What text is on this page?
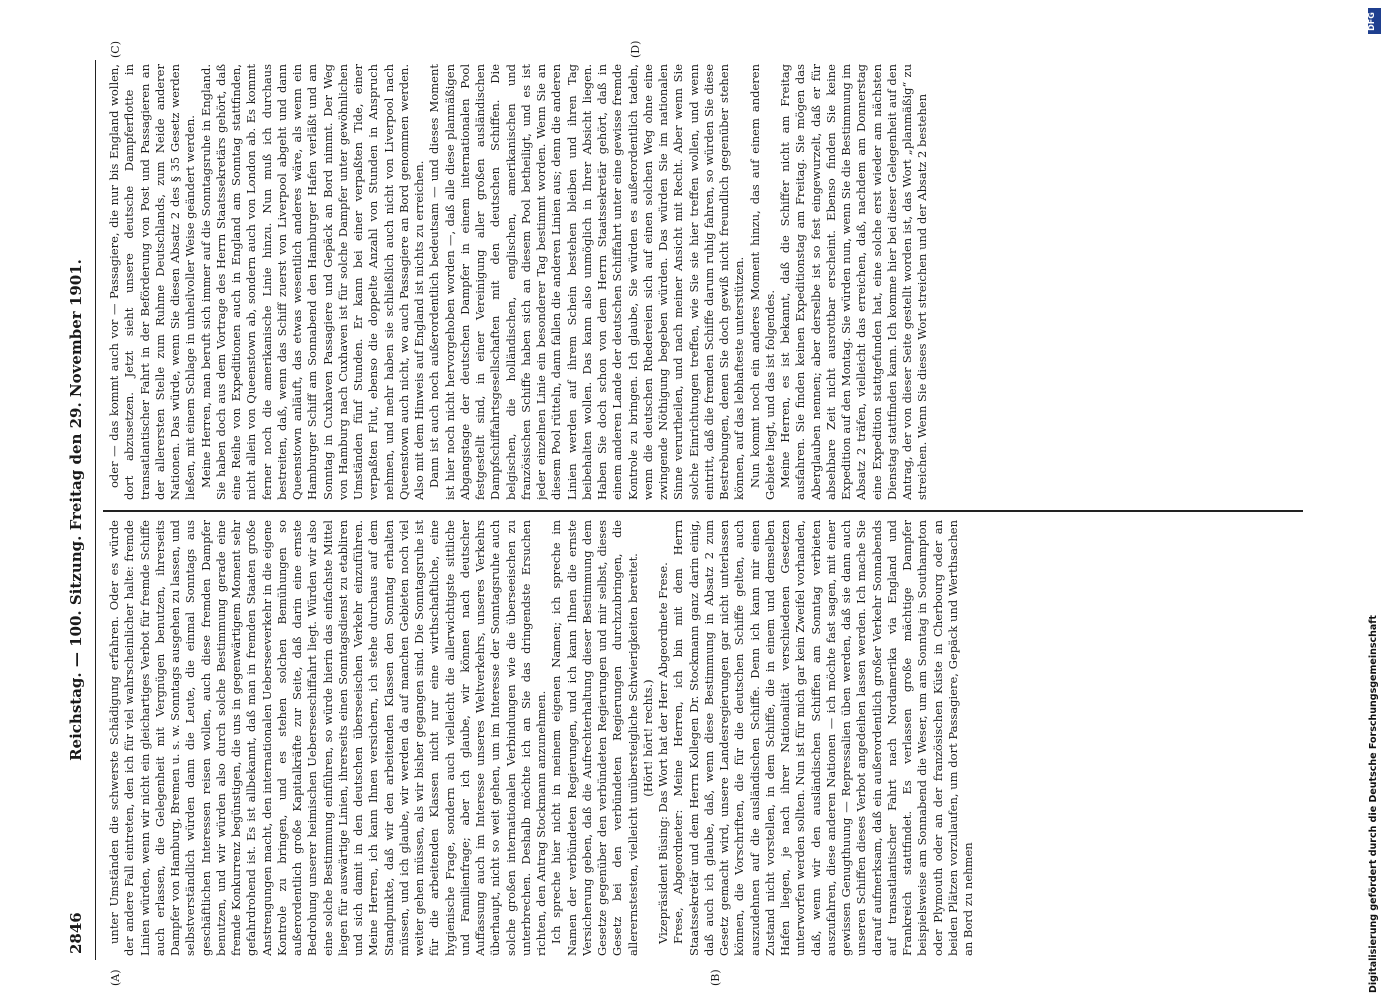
2846
Reichstag. — 100. Sitzung. Freitag den 29. November 1901.
(A)	(B)
(C)	(D)

unter Umständen die schwerste Schädigung erfahren. Oder es würde der andere Fall eintreten, den ich für viel wahrscheinlicher halte: fremde Linien würden, wenn wir nicht ein gleichartiges Verbot für fremde Schiffe auch erlassen, die Gelegenheit mit Vergnügen benutzen, ihrerseits Dampfer von Hamburg, Bremen u. s. w. Sonntags ausgehen zu lassen, und selbstverständlich würden dann die Leute, die einmal Sonntags aus geschäftlichen Interessen reisen wollen, auch diese fremden Dampfer benutzen, und wir würden also durch solche Bestimmung gerade eine fremde Konkurrenz begünstigen, die uns in gegenwärtigem Moment sehr gefahrdrohend ist. Es ist allbekannt, daß man in fremden Staaten große Anstrengungen macht, den internationalen Ueberseeverkehr in die eigene Kontrole zu bringen, und es stehen solchen Bemühungen so außerordentlich große Kapitalkräfte zur Seite, daß darin eine ernste Bedrohung unserer heimischen Ueberseeschiffahrt liegt. Würden wir also eine solche Bestimmung einführen, so würde hierin das einfachste Mittel liegen für auswärtige Linien, ihrerseits einen Sonntagsdienst zu etabliren und sich damit in den deutschen überseeischen Verkehr einzuführen. Meine Herren, ich kann Ihnen versichern, ich stehe durchaus auf dem Standpunkte, daß wir den arbeitenden Klassen den Sonntag erhalten müssen, und ich glaube, wir werden da auf manchen Gebieten noch viel weiter gehen müssen, als wir bisher gegangen sind. Die Sonntagsruhe ist für die arbeitenden Klassen nicht nur eine wirthschaftliche, eine hygienische Frage, sondern auch vielleicht die allerwichtigste sittliche und Familienfrage; aber ich glaube, wir können nach deutscher Auffassung auch im Interesse unseres Weltverkehrs, unseres Verkehrs überhaupt, nicht so weit gehen, um im Interesse der Sonntagsruhe auch solche großen internationalen Verbindungen wie die überseeischen zu unterbrechen. Deshalb möchte ich an Sie das dringendste Ersuchen richten, den Antrag Stockmann anzunehmen. Ich spreche hier nicht in meinem eigenen Namen; ich spreche im Namen der verbündeten Regierungen, und ich kann Ihnen die ernste Versicherung geben, daß die Aufrechterhaltung dieser Bestimmung dem Gesetze gegenüber den verbündeten Regierungen und mir selbst, dieses Gesetz bei den verbündeten Regierungen durchzubringen, die allerernstesten, vielleicht unübersteigliche Schwierigkeiten bereitet. (Hört! hört! rechts.) Vizepräsident Büsing: Das Wort hat der Herr Abgeordnete Frese. Frese, Abgeordneter: Meine Herren, ich bin mit dem Herrn Staatssekretär und dem Herrn Kollegen Dr. Stockmann ganz darin einig, daß auch ich glaube, daß, wenn diese Bestimmung in Absatz 2 zum Gesetz gemacht wird, unsere Landesregierungen gar nicht unterlassen können, die Vorschriften, die für die deutschen Schiffe gelten, auch auszudehnen auf die ausländischen Schiffe. Denn ich kann mir einen Zustand nicht vorstellen, in dem Schiffe, die in einem und demselben Hafen liegen, je nach ihrer Nationalität verschiedenen Gesetzen unterworfen werden sollten. Nun ist für mich gar kein Zweifel vorhanden, daß, wenn wir den ausländischen Schiffen am Sonntag verbieten auszufahren, diese anderen Nationen — ich möchte fast sagen, mit einer gewissen Genugthuung — Repressalien üben werden, daß sie dann auch unseren Schiffen dieses Verbot angedeihen lassen werden. Ich mache Sie darauf aufmerksam, daß ein außerordentlich großer Verkehr Sonnabends auf transatlantischer Fahrt nach Nordamerika via England und Frankreich stattfindet. Es verlassen große mächtige Dampfer beispielsweise am Sonnabend die Weser, um am Sonntag in Southampton oder Plymouth oder an der französischen Küste in Cherbourg oder an beiden Plätzen vorzulaufen, um dort Passagiere, Gepäck und Werthsachen an Bord zu nehmen

oder — das kommt auch vor — Passagiere, die nur bis England wollen, dort abzusetzen. Jetzt sieht unsere deutsche Dampferflotte in transatlantischer Fahrt in der Beförderung von Post und Passagieren an der allerersten Stelle zum Ruhme Deutschlands, zum Neide anderer Nationen. Das würde, wenn Sie diesen Absatz 2 des § 35 Gesetz werden ließen, mit einem Schlage in unheilvoller Weise geändert werden. Meine Herren, man beruft sich immer auf die Sonntagsruhe in England. Sie haben doch aus dem Vortrage des Herrn Staatssekretärs gehört, daß eine Reihe von Expeditionen auch in England am Sonntag stattfinden, nicht allein von Queenstown ab, sondern auch von London ab. Es kommt ferner noch die amerikanische Linie hinzu. Nun muß ich durchaus bestreiten, daß, wenn das Schiff zuerst von Liverpool abgeht und dann Queenstown anläuft, das etwas wesentlich anderes wäre, als wenn ein Hamburger Schiff am Sonnabend den Hamburger Hafen verläßt und am Sonntag in Cuxhaven Passagiere und Gepäck an Bord nimmt. Der Weg von Hamburg nach Cuxhaven ist für solche Dampfer unter gewöhnlichen Umständen fünf Stunden. Er kann bei einer verpaßten Tide, einer verpaßten Flut, ebenso die doppelte Anzahl von Stunden in Anspruch nehmen, und mehr haben sie schließlich auch nicht von Liverpool nach Queenstown auch nicht, wo auch Passagiere an Bord genommen werden. Also mit dem Hinweis auf England ist nichts zu erreichen. Dann ist auch noch außerordentlich bedeutsam — und dieses Moment ist hier noch nicht hervorgehoben worden —, daß alle diese planmäßigen Abgangstage der deutschen Dampfer in einem internationalen Pool festgestellt sind, in einer Vereinigung aller großen ausländischen Dampfschiffahrtsgesellschaften mit den deutschen Schiffen. Die belgischen, die holländischen, englischen, amerikanischen und französischen Schiffe haben sich an diesem Pool betheiligt, und es ist jeder einzelnen Linie ein besonderer Tag bestimmt worden. Wenn Sie an diesem Pool rütteln, dann fallen die anderen Linien aus; denn die anderen Linien werden auf ihrem Schein bestehen bleiben und ihren Tag beibehalten wollen. Das kann also unmöglich in Ihrer Absicht liegen. Haben Sie doch schon von dem Herrn Staatssekretär gehört, daß in einem anderen Lande der deutschen Schiffahrt unter eine gewisse fremde Kontrole zu bringen. Ich glaube, Sie würden es außerordentlich tadeln, wenn die deutschen Rhedereien sich auf einen solchen Weg ohne eine zwingende Nöthigung begeben würden. Das würden Sie im nationalen Sinne verurtheilen, und nach meiner Ansicht mit Recht. Aber wenn Sie solche Einrichtungen treffen, wie Sie sie hier treffen wollen, und wenn eintritt, daß die fremden Schiffe darum ruhig fahren, so würden Sie diese Bestrebungen, denen Sie doch gewiß nicht freundlich gegenüber stehen können, auf das lebhafteste unterstützen. Nun kommt noch ein anderes Moment hinzu, das auf einem anderen Gebiete liegt, und das ist folgendes. Meine Herren, es ist bekannt, daß die Schiffer nicht am Freitag ausfahren. Sie finden keinen Expeditionstag am Freitag. Sie mögen das Aberglauben nennen; aber derselbe ist so fest eingewurzelt, daß er für absehbare Zeit nicht ausrottbar erscheint. Ebenso finden Sie keine Expedition auf den Montag. Sie würden nun, wenn Sie die Bestimmung im Absatz 2 träfen, vielleicht das erreichen, daß, nachdem am Donnerstag eine Expedition stattgefunden hat, eine solche erst wieder am nächsten Dienstag stattfinden kann. Ich komme hier bei dieser Gelegenheit auf den Antrag, der von dieser Seite gestellt worden ist, das Wort „planmäßig“ zu streichen. Wenn Sie dieses Wort streichen und der Absatz 2 bestehen

DFG
Digitalisierung gefördert durch die Deutsche Forschungsgemeinschaft
